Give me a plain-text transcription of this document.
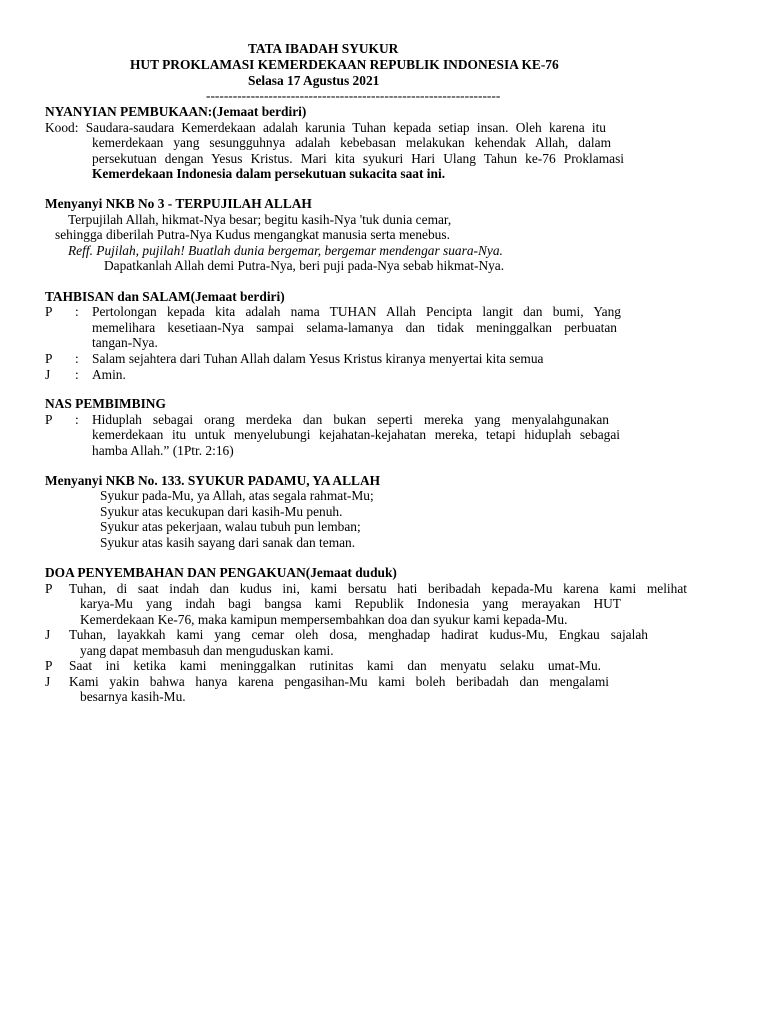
TATA IBADAH SYUKUR
HUT PROKLAMASI KEMERDEKAAN REPUBLIK INDONESIA KE-76
Selasa 17 Agustus 2021
------------------------------------------------------------------
NYANYIAN PEMBUKAAN:(Jemaat berdiri)
Kood: Saudara-saudara Kemerdekaan adalah karunia Tuhan kepada setiap insan. Oleh karena itu
kemerdekaan yang sesungguhnya adalah kebebasan melakukan kehendak Allah, dalam
persekutuan dengan Yesus Kristus. Mari kita syukuri Hari Ulang Tahun ke-76 Proklamasi
Kemerdekaan Indonesia dalam persekutuan sukacita saat ini.
Menyanyi NKB No 3 - TERPUJILAH ALLAH
Terpujilah Allah, hikmat-Nya besar; begitu kasih-Nya 'tuk dunia cemar,
sehingga diberilah Putra-Nya Kudus mengangkat manusia serta menebus.
Reff. Pujilah, pujilah! Buatlah dunia bergemar, bergemar mendengar suara-Nya.
Dapatkanlah Allah demi Putra-Nya, beri puji pada-Nya sebab hikmat-Nya.
TAHBISAN dan SALAM(Jemaat berdiri)
P : Pertolongan kepada kita adalah nama TUHAN Allah Pencipta langit dan bumi, Yang
memelihara kesetiaan-Nya sampai selama-lamanya dan tidak meninggalkan perbuatan
tangan-Nya.
P : Salam sejahtera dari Tuhan Allah dalam Yesus Kristus kiranya menyertai kita semua
J : Amin.
NAS PEMBIMBING
P : Hiduplah sebagai orang merdeka dan bukan seperti mereka yang menyalahgunakan
kemerdekaan itu untuk menyelubungi kejahatan-kejahatan mereka, tetapi hiduplah sebagai
hamba Allah.” (1Ptr. 2:16)
Menyanyi NKB No. 133. SYUKUR PADAMU, YA ALLAH
Syukur pada-Mu, ya Allah, atas segala rahmat-Mu;
Syukur atas kecukupan dari kasih-Mu penuh.
Syukur atas pekerjaan, walau tubuh pun lemban;
Syukur atas kasih sayang dari sanak dan teman.
DOA PENYEMBAHAN DAN PENGAKUAN(Jemaat duduk)
P Tuhan, di saat indah dan kudus ini, kami bersatu hati beribadah kepada-Mu karena kami melihat
karya-Mu yang indah bagi bangsa kami Republik Indonesia yang merayakan HUT
Kemerdekaan Ke-76, maka kamipun mempersembahkan doa dan syukur kami kepada-Mu.
J Tuhan, layakkah kami yang cemar oleh dosa, menghadap hadirat kudus-Mu, Engkau sajalah
yang dapat membasuh dan menguduskan kami.
P Saat ini ketika kami meninggalkan rutinitas kami dan menyatu selaku umat-Mu.
J Kami yakin bahwa hanya karena pengasihan-Mu kami boleh beribadah dan mengalami
besarnya kasih-Mu.
